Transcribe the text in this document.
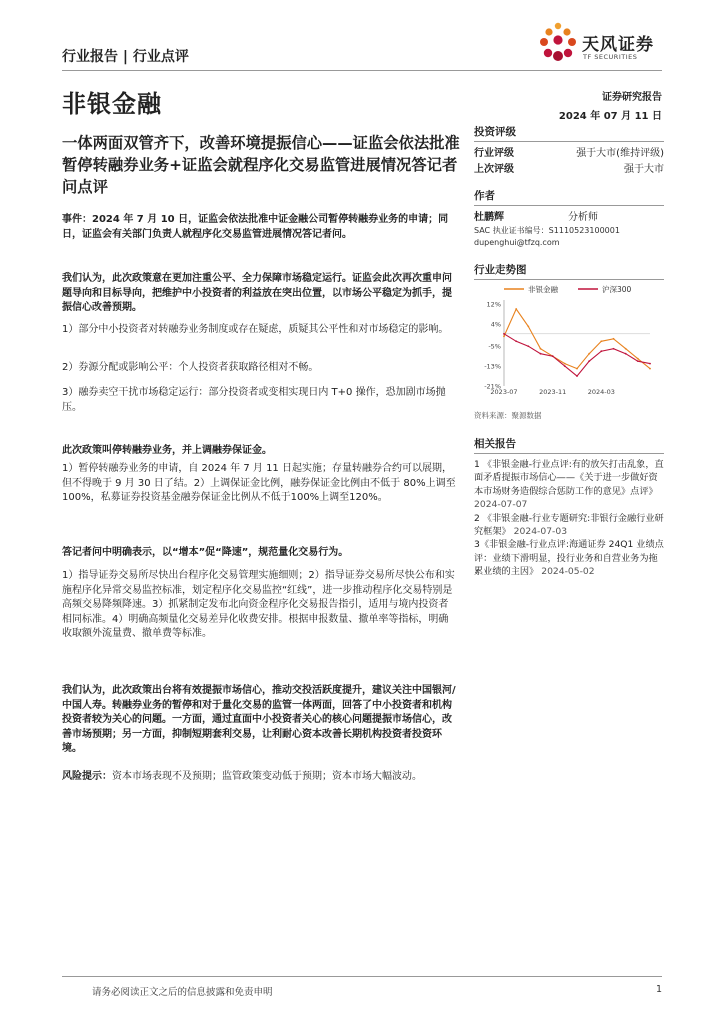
行业报告 | 行业点评
非银金融
天风证券
TF SECURITIES
证券研究报告
2024 年 07 月 11 日
一体两面双管齐下，改善环境提振信心——证监会依法批准暂停转融券业务+证监会就程序化交易监管进展情况答记者问点评
投资评级
行业评级	强于大市(维持评级)
上次评级	强于大市
作者
杜鹏辉	分析师
SAC 执业证书编号：S1110523100001
dupenghui@tfzq.com
行业走势图
非银金融	沪深300
12%
4%
-5%
-13%
-21%
2023-07	2023-11	2024-03
资料来源：聚源数据
相关报告
1 《非银金融-行业点评:有的放矢打击乱象，直面矛盾提振市场信心——《关于进一步做好资本市场财务造假综合惩防工作的意见》点评》 2024-07-07
2 《非银金融-行业专题研究:非银行金融行业研究框架》 2024-07-03
3《非银金融-行业点评:海通证券 24Q1 业绩点评：业绩下滑明显，投行业务和自营业务为拖累业绩的主因》 2024-05-02

事件：2024 年 7 月 10 日，证监会依法批准中证金融公司暂停转融券业务的申请；同日，证监会有关部门负责人就程序化交易监管进展情况答记者问。

我们认为，此次政策意在更加注重公平、全力保障市场稳定运行。证监会此次再次重申问题导向和目标导向，把维护中小投资者的利益放在突出位置，以市场公平稳定为抓手，提振信心改善预期。

1）部分中小投资者对转融券业务制度或存在疑虑，质疑其公平性和对市场稳定的影响。
2）券源分配或影响公平：个人投资者获取路径相对不畅。
3）融券卖空干扰市场稳定运行：部分投资者或变相实现日内 T+0 操作，恐加剧市场抛压。
此次政策叫停转融券业务，并上调融券保证金。
1）暂停转融券业务的申请，自 2024 年 7 月 11 日起实施；存量转融券合约可以展期，但不得晚于 9 月 30 日了结。2）上调保证金比例，融券保证金比例由不低于 80%上调至 100%，私募证券投资基金融券保证金比例从不低于100%上调至120%。
答记者问中明确表示，以“增本”促“降速”，规范量化交易行为。
1）指导证券交易所尽快出台程序化交易管理实施细则；2）指导证券交易所尽快公布和实施程序化异常交易监控标准，划定程序化交易监控“红线”，进一步推动程序化交易特别是高频交易降频降速。3）抓紧制定发布北向资金程序化交易报告指引，适用与境内投资者相同标准。4）明确高频量化交易差异化收费安排。根据申报数量、撤单率等指标，明确收取额外流量费、撤单费等标准。
我们认为，此次政策出台将有效提振市场信心，推动交投活跃度提升，建议关注中国银河/中国人寿。转融券业务的暂停和对于量化交易的监管一体两面，回答了中小投资者和机构投资者较为关心的问题。一方面，通过直面中小投资者关心的核心问题提振市场信心，改善市场预期；另一方面，抑制短期套利交易，让利耐心资本改善长期机构投资者投资环境。
风险提示：资本市场表现不及预期；监管政策变动低于预期；资本市场大幅波动。
请务必阅读正文之后的信息披露和免责申明	1
